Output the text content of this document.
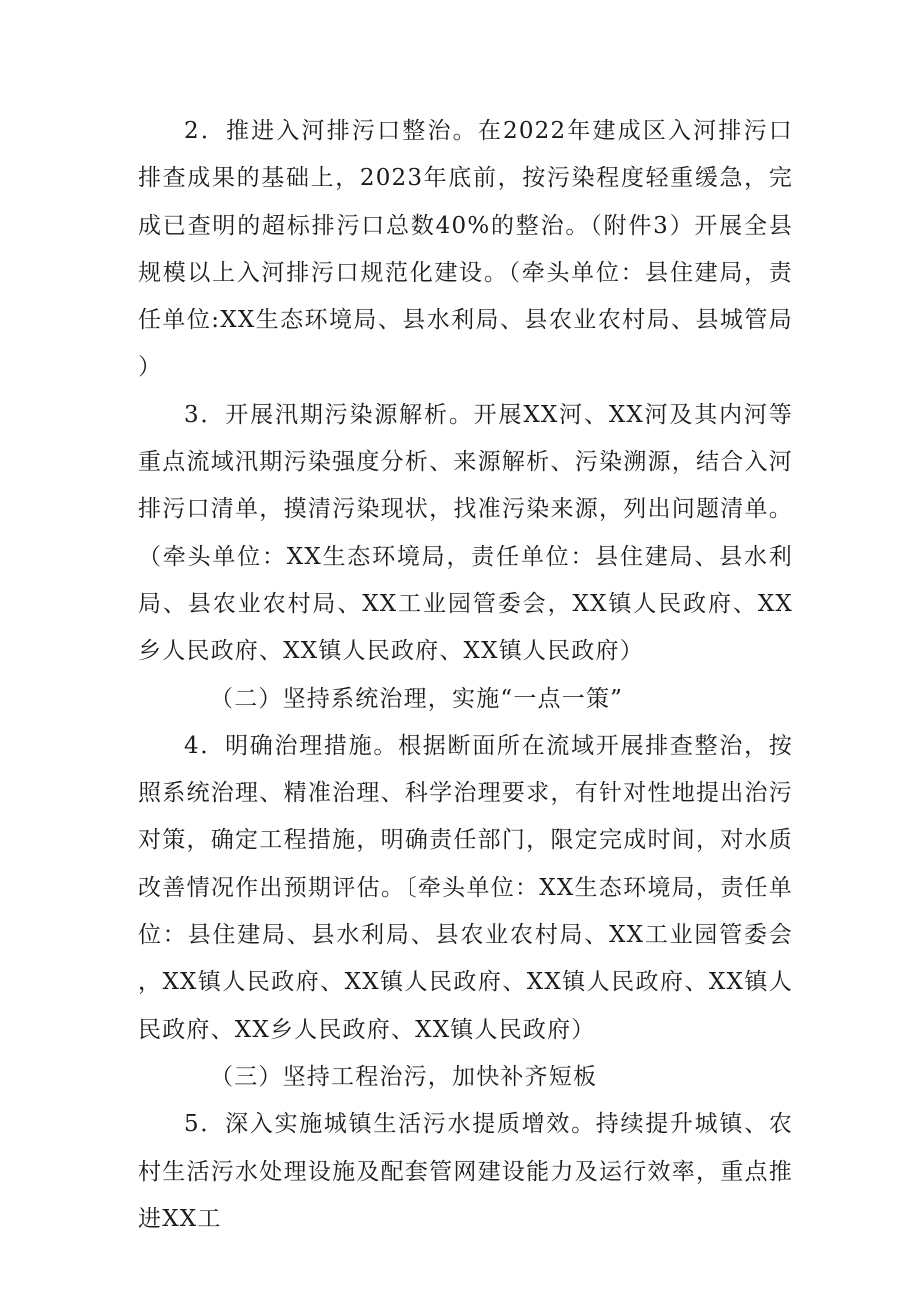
2．推进入河排污口整治。在2022年建成区入河排污口排查成果的基础上，2023年底前，按污染程度轻重缓急，完成已查明的超标排污口总数40%的整治。（附件3）开展全县规模以上入河排污口规范化建设。（牵头单位：县住建局，责任单位:XX生态环境局、县水利局、县农业农村局、县城管局）

3．开展汛期污染源解析。开展XX河、XX河及其内河等重点流域汛期污染强度分析、来源解析、污染溯源，结合入河排污口清单，摸清污染现状，找准污染来源，列出问题清单。（牵头单位：XX生态环境局，责任单位：县住建局、县水利局、县农业农村局、XX工业园管委会，XX镇人民政府、XX乡人民政府、XX镇人民政府、XX镇人民政府）

（二）坚持系统治理，实施“一点一策”

4．明确治理措施。根据断面所在流域开展排查整治，按照系统治理、精准治理、科学治理要求，有针对性地提出治污对策，确定工程措施，明确责任部门，限定完成时间，对水质改善情况作出预期评估。〔牵头单位：XX生态环境局，责任单位：县住建局、县水利局、县农业农村局、XX工业园管委会，XX镇人民政府、XX镇人民政府、XX镇人民政府、XX镇人民政府、XX乡人民政府、XX镇人民政府）

（三）坚持工程治污，加快补齐短板

5．深入实施城镇生活污水提质增效。持续提升城镇、农村生活污水处理设施及配套管网建设能力及运行效率，重点推进XX工
